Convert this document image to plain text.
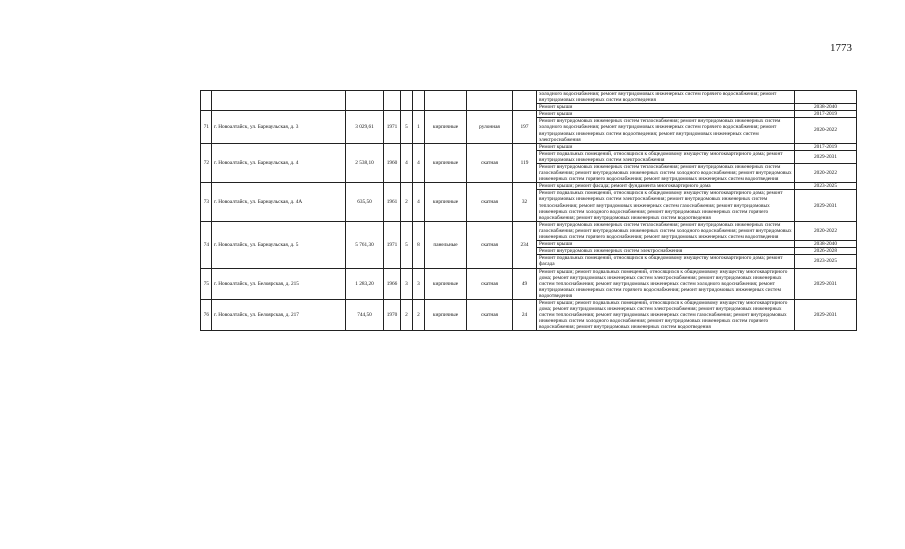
1773
									холодного водоснабжения; ремонт внутридомовых инженерных систем горячего водоснабжения; ремонт внутридомовых инженерных систем водоотведения	
									Ремонт крыши	2038-2040
71	г. Новоалтайск, ул. Барнаульская, д. 3	3 029,61	1971	5	1	кирпичные	рулонная	197	Ремонт крыши	2017-2019
									Ремонт внутридомовых инженерных систем теплоснабжения; ремонт внутридомовых инженерных систем холодного водоснабжения; ремонт внутридомовых инженерных систем горячего водоснабжения; ремонт внутридомовых инженерных систем водоотведения; ремонт внутридомовых инженерных систем электроснабжения	2020-2022
72	г. Новоалтайск, ул. Барнаульская, д. 4	2 538,10	1960	4	4	кирпичные	скатная	119	Ремонт крыши	2017-2019
									Ремонт подвальных помещений, относящихся к общедомовому имуществу многоквартирного дома; ремонт внутридомовых инженерных систем электроснабжения	2029-2031
									Ремонт внутридомовых инженерных систем теплоснабжения; ремонт внутридомовых инженерных систем газоснабжения; ремонт внутридомовых инженерных систем холодного водоснабжения; ремонт внутридомовых инженерных систем горячего водоснабжения; ремонт внутридомовых инженерных систем водоотведения	2020-2022
73	г. Новоалтайск, ул. Барнаульская, д. 4А	635,50	1961	2	4	кирпичные	скатная	32	Ремонт крыши; ремонт фасада; ремонт фундамента многоквартирного дома	2023-2025
									Ремонт подвальных помещений, относящихся к общедомовому имуществу многоквартирного дома; ремонт внутридомовых инженерных систем электроснабжения; ремонт внутридомовых инженерных систем теплоснабжения; ремонт внутридомовых инженерных систем газоснабжения; ремонт внутридомовых инженерных систем холодного водоснабжения; ремонт внутридомовых инженерных систем горячего водоснабжения; ремонт внутридомовых инженерных систем водоотведения	2029-2031
74	г. Новоалтайск, ул. Барнаульская, д. 5	5 761,30	1971	5	8	панельные	скатная	234	Ремонт внутридомовых инженерных систем теплоснабжения; ремонт внутридомовых инженерных систем газоснабжения; ремонт внутридомовых инженерных систем холодного водоснабжения; ремонт внутридомовых инженерных систем горячего водоснабжения; ремонт внутридомовых инженерных систем водоотведения	2020-2022
									Ремонт крыши	2038-2040
									Ремонт внутридомовых инженерных систем электроснабжения	2026-2028
									Ремонт подвальных помещений, относящихся к общедомовому имуществу многоквартирного дома; ремонт фасада	2023-2025
75	г. Новоалтайск, ул. Белоярская, д. 215	1 283,20	1966	3	3	кирпичные	скатная	49	Ремонт крыши; ремонт подвальных помещений, относящихся к общедомовому имуществу многоквартирного дома; ремонт внутридомовых инженерных систем электроснабжения; ремонт внутридомовых инженерных систем теплоснабжения; ремонт внутридомовых инженерных систем холодного водоснабжения; ремонт внутридомовых инженерных систем горячего водоснабжения; ремонт внутридомовых инженерных систем водоотведения	2029-2031
76	г. Новоалтайск, ул. Белоярская, д. 217	744,50	1970	2	2	кирпичные	скатная	24	Ремонт крыши; ремонт подвальных помещений, относящихся к общедомовому имуществу многоквартирного дома; ремонт внутридомовых инженерных систем электроснабжения; ремонт внутридомовых инженерных систем теплоснабжения; ремонт внутридомовых инженерных систем газоснабжения; ремонт внутридомовых инженерных систем холодного водоснабжения; ремонт внутридомовых инженерных систем горячего водоснабжения; ремонт внутридомовых инженерных систем водоотведения	2029-2031
